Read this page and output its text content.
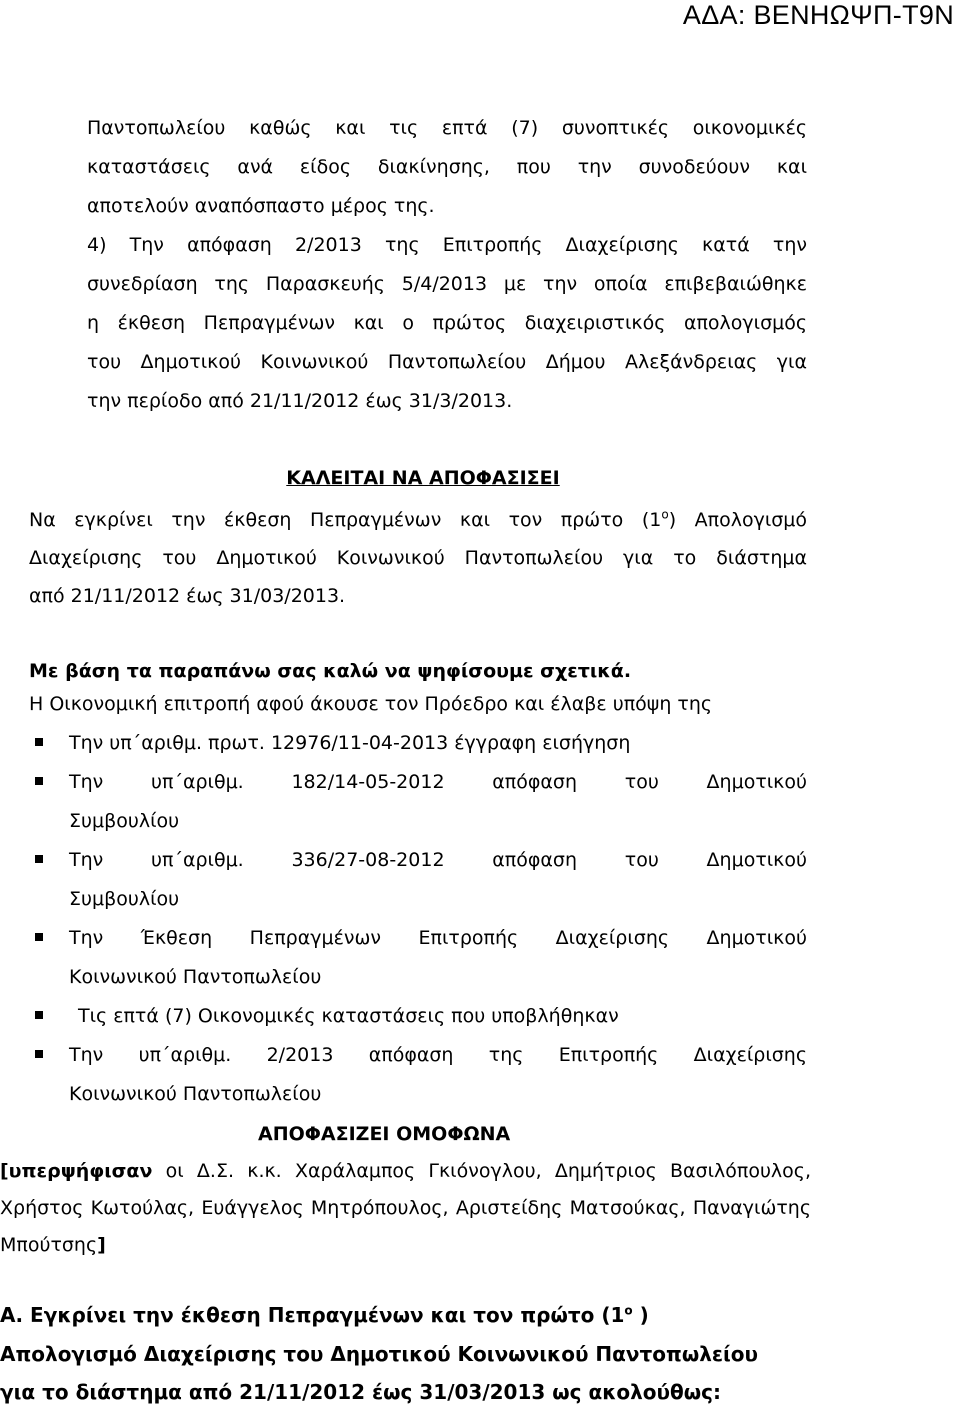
ΑΔΑ: ΒΕΝΗΩΨΠ-Τ9Ν
Παντοπωλείου καθώς και τις επτά (7) συνοπτικές οικονομικές
καταστάσεις ανά είδος διακίνησης, που την συνοδεύουν και
αποτελούν αναπόσπαστο μέρος της.
4) Την απόφαση 2/2013 της Επιτροπής Διαχείρισης κατά την
συνεδρίαση της Παρασκευής 5/4/2013 με την οποία επιβεβαιώθηκε
η έκθεση Πεπραγμένων και ο πρώτος διαχειριστικός απολογισμός
του Δημοτικού Κοινωνικού Παντοπωλείου Δήμου Αλεξάνδρειας για
την περίοδο από 21/11/2012 έως 31/3/2013.
ΚΑΛΕΙΤΑΙ ΝΑ ΑΠΟΦΑΣΙΣΕΙ
Να εγκρίνει την έκθεση Πεπραγμένων και τον πρώτο $(1^o)$ Απολογισμό
Διαχείρισης του Δημοτικού Κοινωνικού Παντοπωλείου για το διάστημα
από 21/11/2012 έως 31/03/2013.
Με βάση τα παραπάνω σας καλώ να ψηφίσουμε σχετικά.
Η Οικονομική επιτροπή αφού άκουσε τον Πρόεδρο και έλαβε υπόψη της
Την υπ΄αριθμ. πρωτ. 12976/11-04-2013 έγγραφη εισήγηση
Την υπ΄αριθμ. 182/14-05-2012 απόφαση του Δημοτικού
Συμβουλίου
Την υπ΄αριθμ. 336/27-08-2012 απόφαση του Δημοτικού
Συμβουλίου
Την Έκθεση Πεπραγμένων Επιτροπής Διαχείρισης Δημοτικού
Κοινωνικού Παντοπωλείου
Τις επτά (7) Οικονομικές καταστάσεις που υποβλήθηκαν
Την υπ΄αριθμ. 2/2013 απόφαση της Επιτροπής Διαχείρισης
Κοινωνικού Παντοπωλείου
ΑΠΟΦΑΣΙΖΕΙ ΟΜΟΦΩΝΑ
[υπερψήφισαν οι Δ.Σ. κ.κ. Χαράλαμπος Γκιόνογλου, Δημήτριος Βασιλόπουλος,
Χρήστος Κωτούλας, Ευάγγελος Μητρόπουλος, Αριστείδης Ματσούκας, Παναγιώτης
Μπούτσης]
Α. Εγκρίνει την έκθεση Πεπραγμένων και τον πρώτο ($1^o$ )
Απολογισμό Διαχείρισης του Δημοτικού Κοινωνικού Παντοπωλείου
για το διάστημα από 21/11/2012 έως 31/03/2013 ως ακολούθως:
